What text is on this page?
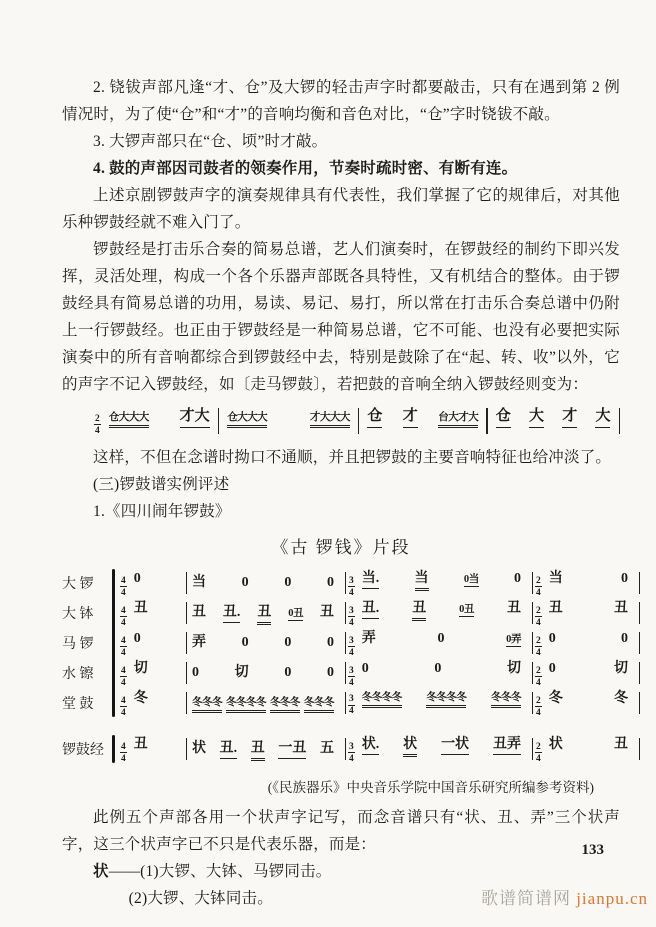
2. 铙钹声部凡逢“才、仓”及大锣的轻击声字时都要敲击，只有在遇到第 2 例情况时，为了使“仓”和“才”的音响均衡和音色对比，“仓”字时铙钹不敲。

3. 大锣声部只在“仓、顷”时才敲。

4. 鼓的声部因司鼓者的领奏作用，节奏时疏时密、有断有连。

上述京剧锣鼓声字的演奏规律具有代表性，我们掌握了它的规律后，对其他乐种锣鼓经就不难入门了。

锣鼓经是打击乐合奏的简易总谱，艺人们演奏时，在锣鼓经的制约下即兴发挥，灵活处理，构成一个各个乐器声部既各具特性，又有机结合的整体。由于锣鼓经具有简易总谱的功用，易读、易记、易打，所以常在打击乐合奏总谱中仍附上一行锣鼓经。也正由于锣鼓经是一种简易总谱，它不可能、也没有必要把实际演奏中的所有音响都综合到锣鼓经中去，特别是鼓除了在“起、转、收”以外，它的声字不记入锣鼓经，如〔走马锣鼓〕，若把鼓的音响全纳入锣鼓经则变为：

$\frac{2}{4}$ 仓大大大 才大 仓大大大	才大大大 仓 才 台大才大 仓 大 才 大

这样，不但在念谱时拗口不通顺，并且把锣鼓的主要音响特征也给冲淡了。

(三)锣鼓谱实例评述

1.《四川闹年锣鼓》

《古 锣钱》片段
大 锣	$\frac{4}{4} 0$	当	0	0	$0 \frac{3}{4}$ 当.	当	0 当	$0 \frac{2}{4}$ 当	0
大 钵	$\frac{4}{4}$ 丑	丑 丑. 丑 0 丑 丑 $\frac{3}{4}$ 丑. 丑	0 丑 丑 $\frac{2}{4}$ 丑	丑
马 锣	$\frac{4}{4} 0$	弄	0	0	$0 \frac{3}{4}$ 弄	0	0 弄 $\frac{2}{4} 0$	0
水 镲	$\frac{4}{4}$ 切	0	切	0	$0 \frac{3}{4} 0$	0	切 $\frac{2}{4} 0$	切
堂 鼓	$\frac{4}{4}$ 冬	冬 冬冬 冬冬冬冬 冬冬冬 冬 冬冬 $\frac{3}{4}$ 冬冬冬冬 冬冬冬冬 冬冬冬 $\frac{2}{4}$ 冬	冬
锣鼓经	$\frac{4}{4}$ 丑	状 丑. 丑 一丑 五 $\frac{3}{4}$ 状. 状 一状 丑弄 $\frac{2}{4}$ 状	丑
(《民族器乐》中央音乐学院中国音乐研究所编参考资料)

此例五个声部各用一个状声字记写，而念音谱只有“状、丑、弄”三个状声字，这三个状声字已不只是代表乐器，而是：

状——(1)大锣、大钵、马锣同击。

(2)大锣、大钵同击。

133
歌谱简谱网 jianpu.cn
